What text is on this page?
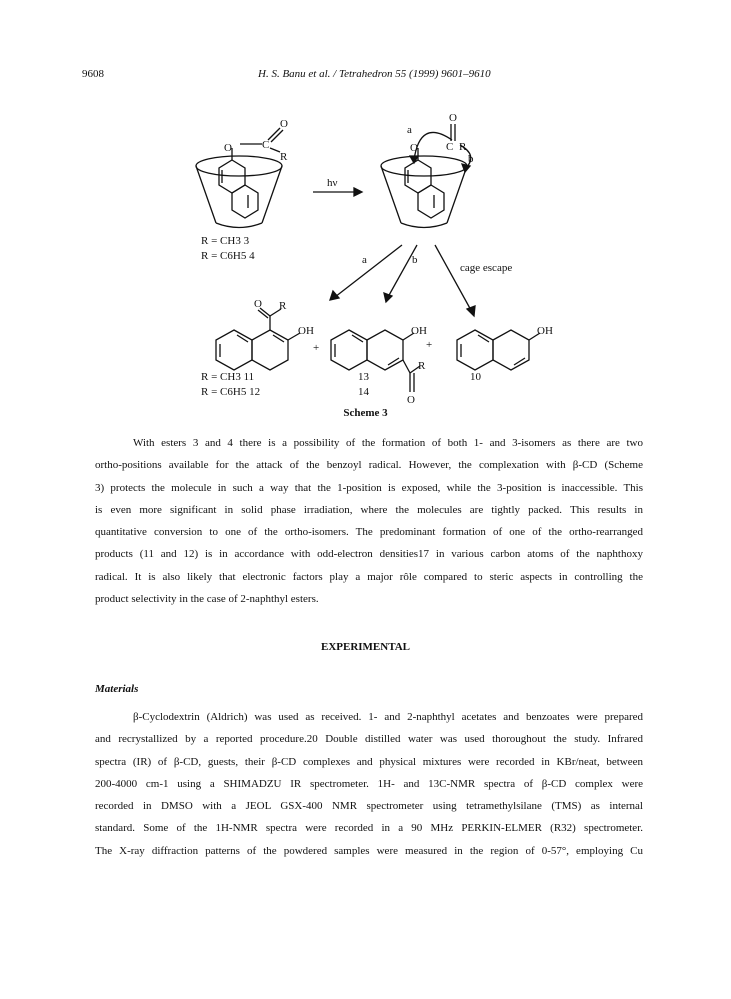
9608	H. S. Banu et al. / Tetrahedron 55 (1999) 9601–9610
O	C
O
R
hν
a
O
O
C R
b
R = CH3 3
R = C6H5 4	a	b
cage escape
O R
OH
+
OH
+
R
O
OH
R = CH3 11
R = C6H5 12
13
14
10
Scheme 3
With esters 3 and 4 there is a possibility of the formation of both 1- and 3-isomers as there are two
ortho-positions available for the attack of the benzoyl radical. However, the complexation with β-CD (Scheme
3) protects the molecule in such a way that the 1-position is exposed, while the 3-position is inaccessible. This
is even more significant in solid phase irradiation, where the molecules are tightly packed. This results in
quantitative conversion to one of the ortho-isomers. The predominant formation of one of the ortho-rearranged
products (11 and 12) is in accordance with odd-electron densities17 in various carbon atoms of the naphthoxy
radical. It is also likely that electronic factors play a major rôle compared to steric aspects in controlling the
product selectivity in the case of 2-naphthyl esters.
EXPERIMENTAL
Materials
β-Cyclodextrin (Aldrich) was used as received. 1- and 2-naphthyl acetates and benzoates were prepared
and recrystallized by a reported procedure.20 Double distilled water was used thoroughout the study. Infrared
spectra (IR) of β-CD, guests, their β-CD complexes and physical mixtures were recorded in KBr/neat, between
200-4000 cm-1 using a SHIMADZU IR spectrometer. 1H- and 13C-NMR spectra of β-CD complex were
recorded in DMSO with a JEOL GSX-400 NMR spectrometer using tetramethylsilane (TMS) as internal
standard. Some of the 1H-NMR spectra were recorded in a 90 MHz PERKIN-ELMER (R32) spectrometer.
The X-ray diffraction patterns of the powdered samples were measured in the region of 0-57°, employing Cu
